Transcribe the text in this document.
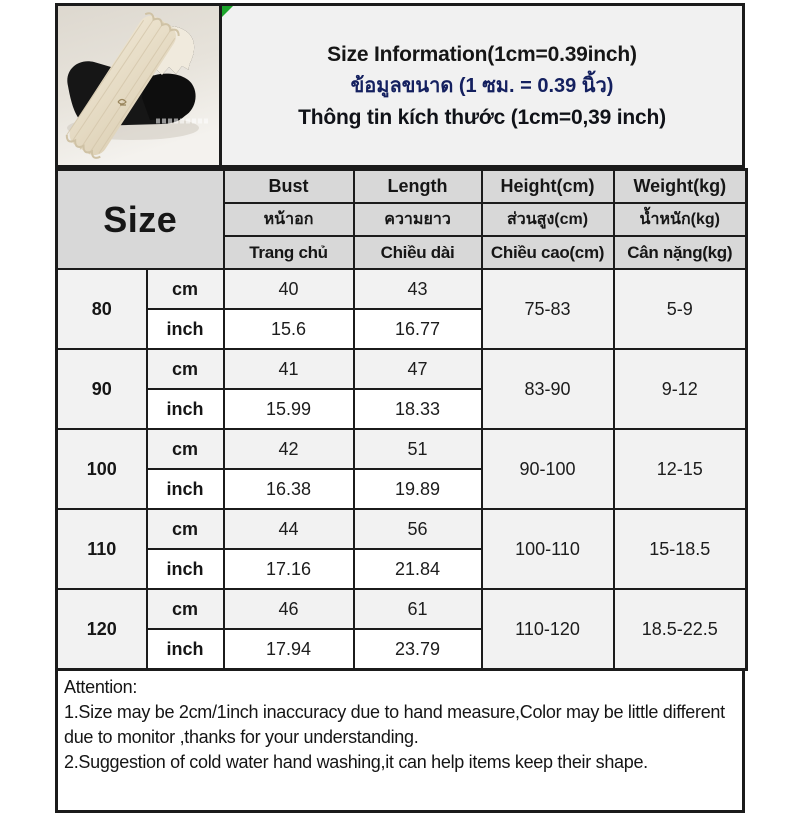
Size Information(1cm=0.39inch)
ข้อมูลขนาด (1 ซม. = 0.39 นิ้ว)
Thông tin kích thước (1cm=0,39 inch)
Size		Bust	Length	Height(cm)	Weight(kg)
		หน้าอก	ความยาว	ส่วนสูง(cm)	น้ำหนัก(kg)
		Trang chủ	Chiều dài	Chiều cao(cm)	Cân nặng(kg)
80	cm	40	43	75-83	5-9
	inch	15.6	16.77		
90	cm	41	47	83-90	9-12
	inch	15.99	18.33		
100	cm	42	51	90-100	12-15
	inch	16.38	19.89		
110	cm	44	56	100-110	15-18.5
	inch	17.16	21.84		
120	cm	46	61	110-120	18.5-22.5
	inch	17.94	23.79		
Attention:
1.Size may be 2cm/1inch inaccuracy due to hand measure,Color may be little different due to monitor ,thanks for your understanding.
2.Suggestion of cold water hand washing,it can help items keep their shape.
